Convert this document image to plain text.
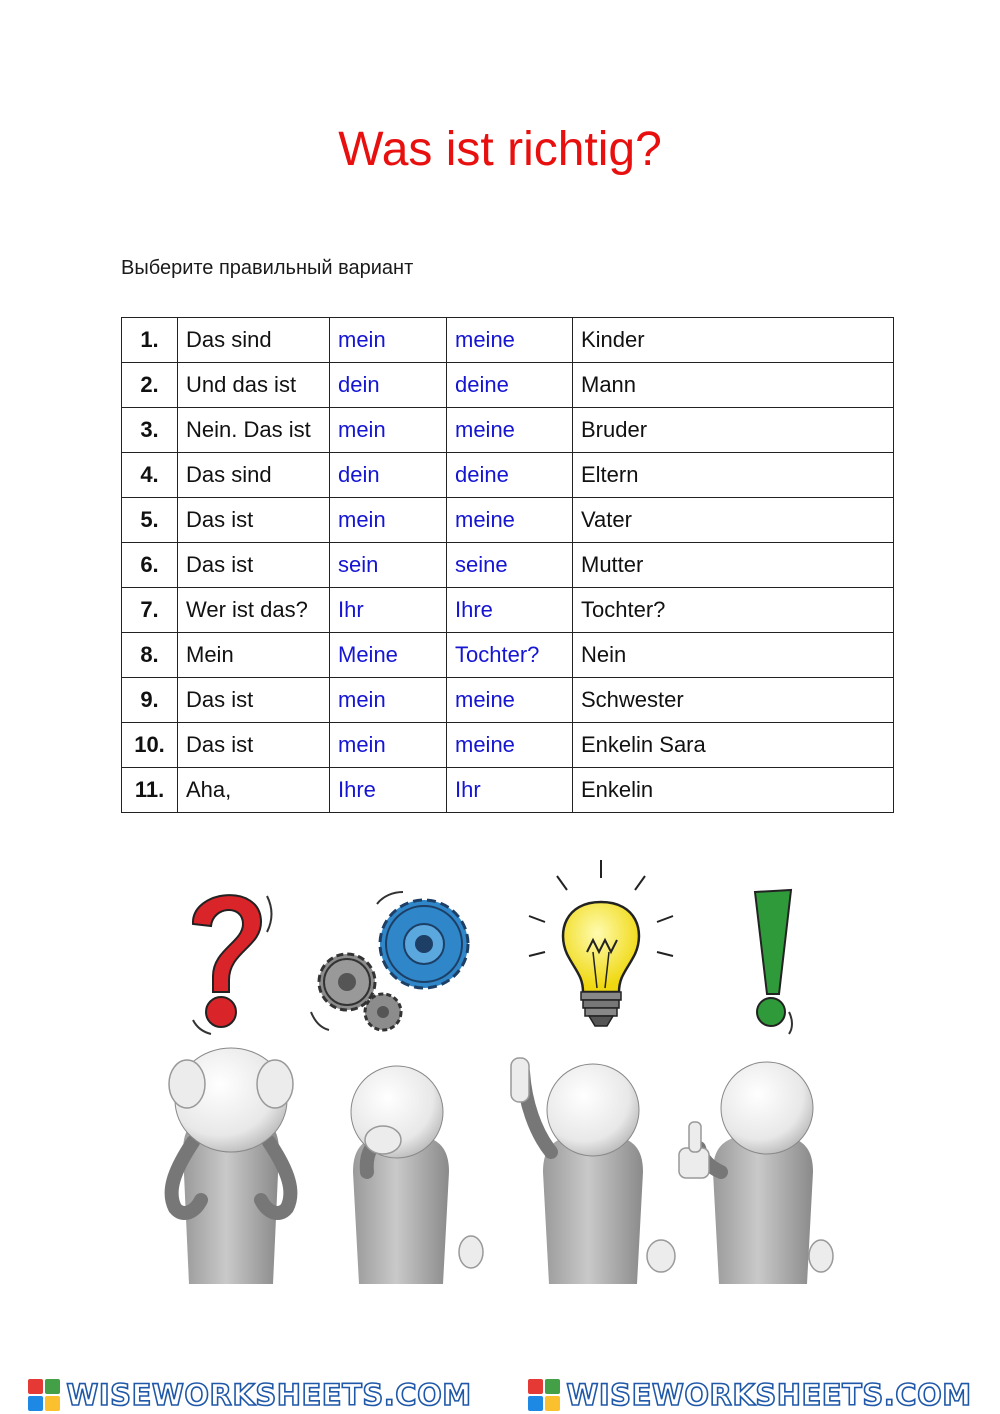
Was ist richtig?
Выберите правильный вариант
1.	Das sind	mein	meine	Kinder
2.	Und das ist	dein	deine	Mann
3.	Nein. Das ist	mein	meine	Bruder
4.	Das sind	dein	deine	Eltern
5.	Das ist	mein	meine	Vater
6.	Das ist	sein	seine	Mutter
7.	Wer ist das?	Ihr	Ihre	Tochter?
8.	Mein	Meine	Tochter?	Nein
9.	Das ist	mein	meine	Schwester
10.	Das ist	mein	meine	Enkelin Sara
11.	Aha,	Ihre	Ihr	Enkelin
WISEWORKSHEETS.COM	WISEWORKSHEETS.COM
